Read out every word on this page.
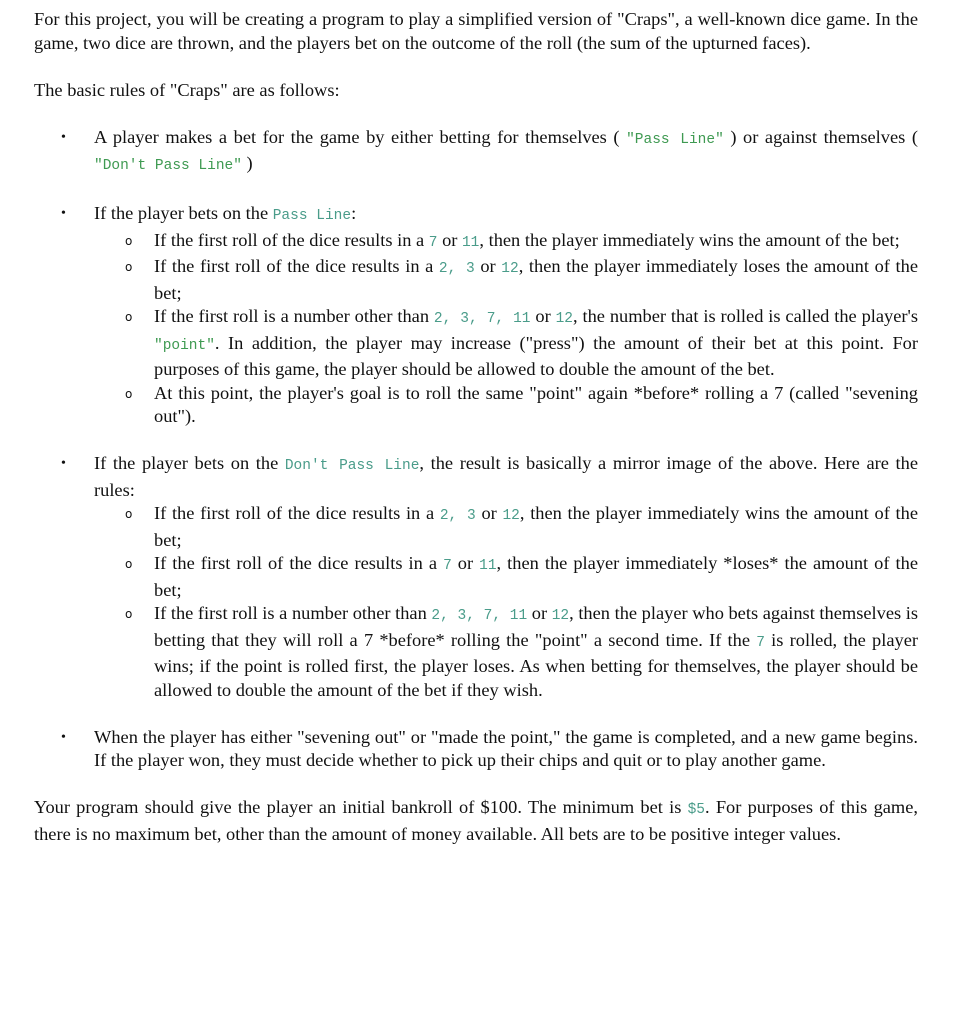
For this project, you will be creating a program to play a simplified version of "Craps", a well-known dice game. In the game, two dice are thrown, and the players bet on the outcome of the roll (the sum of the upturned faces).

The basic rules of "Craps" are as follows:

• A player makes a bet for the game by either betting for themselves ( "Pass Line" ) or against themselves ( "Don't Pass Line" )
• If the player bets on the Pass Line:
o If the first roll of the dice results in a 7 or 11, then the player immediately wins the amount of the bet;
o If the first roll of the dice results in a 2, 3 or 12, then the player immediately loses the amount of the bet;
o If the first roll is a number other than 2, 3, 7, 11 or 12, the number that is rolled is called the player's "point". In addition, the player may increase ("press") the amount of their bet at this point. For purposes of this game, the player should be allowed to double the amount of the bet.
o At this point, the player's goal is to roll the same "point" again *before* rolling a 7 (called "sevening out").
• If the player bets on the Don't Pass Line, the result is basically a mirror image of the above. Here are the rules:
o If the first roll of the dice results in a 2, 3 or 12, then the player immediately wins the amount of the bet;
o If the first roll of the dice results in a 7 or 11, then the player immediately *loses* the amount of the bet;
o If the first roll is a number other than 2, 3, 7, 11 or 12, then the player who bets against themselves is betting that they will roll a 7 *before* rolling the "point" a second time. If the 7 is rolled, the player wins; if the point is rolled first, the player loses. As when betting for themselves, the player should be allowed to double the amount of the bet if they wish.
• When the player has either "sevening out" or "made the point," the game is completed, and a new game begins. If the player won, they must decide whether to pick up their chips and quit or to play another game.

Your program should give the player an initial bankroll of $100. The minimum bet is $5. For purposes of this game, there is no maximum bet, other than the amount of money available. All bets are to be positive integer values.
